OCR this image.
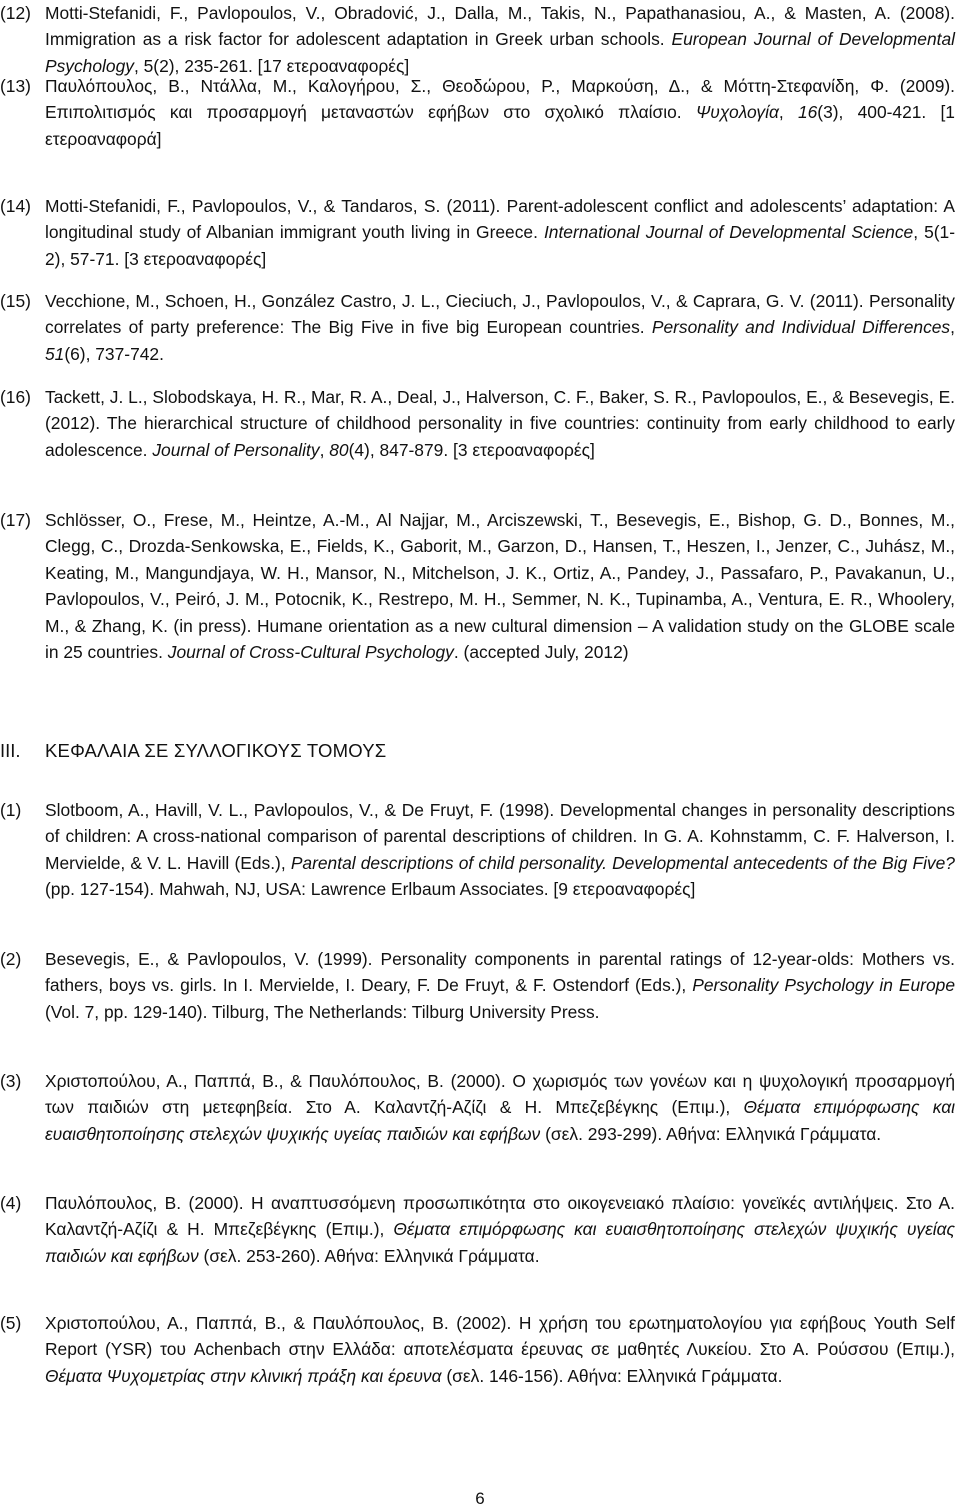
(12) Motti-Stefanidi, F., Pavlopoulos, V., Obradović, J., Dalla, M., Takis, N., Papathanasiou, A., & Masten, A. (2008). Immigration as a risk factor for adolescent adaptation in Greek urban schools. European Journal of Developmental Psychology, 5(2), 235-261. [17 ετεροαναφορές]
(13) Παυλόπουλος, Β., Ντάλλα, Μ., Καλογήρου, Σ., Θεοδώρου, Ρ., Μαρκούση, Δ., & Μόττη-Στεφανίδη, Φ. (2009). Επιπολιτισμός και προσαρμογή μεταναστών εφήβων στο σχολικό πλαίσιο. Ψυχολογία, 16(3), 400-421. [1 ετεροαναφορά]
(14) Motti-Stefanidi, F., Pavlopoulos, V., & Tandaros, S. (2011). Parent-adolescent conflict and adolescents’ adaptation: A longitudinal study of Albanian immigrant youth living in Greece. International Journal of Developmental Science, 5(1-2), 57-71. [3 ετεροαναφορές]
(15) Vecchione, M., Schoen, H., González Castro, J. L., Cieciuch, J., Pavlopoulos, V., & Caprara, G. V. (2011). Personality correlates of party preference: The Big Five in five big European countries. Personality and Individual Differences, 51(6), 737-742.
(16) Tackett, J. L., Slobodskaya, H. R., Mar, R. A., Deal, J., Halverson, C. F., Baker, S. R., Pavlopoulos, E., & Besevegis, E. (2012). The hierarchical structure of childhood personality in five countries: continuity from early childhood to early adolescence. Journal of Personality, 80(4), 847-879. [3 ετεροαναφορές]
(17) Schlösser, O., Frese, M., Heintze, A.-M., Al Najjar, M., Arciszewski, T., Besevegis, E., Bishop, G. D., Bonnes, M., Clegg, C., Drozda-Senkowska, E., Fields, K., Gaborit, M., Garzon, D., Hansen, T., Heszen, I., Jenzer, C., Juhász, M., Keating, M., Mangundjaya, W. H., Mansor, N., Mitchelson, J. K., Ortiz, A., Pandey, J., Passafaro, P., Pavakanun, U., Pavlopoulos, V., Peiró, J. M., Potocnik, K., Restrepo, M. H., Semmer, N. K., Tupinamba, A., Ventura, E. R., Whoolery, M., & Zhang, K. (in press). Humane orientation as a new cultural dimension – A validation study on the GLOBE scale in 25 countries. Journal of Cross-Cultural Psychology. (accepted July, 2012)
III. ΚΕΦΑΛΑΙΑ ΣΕ ΣΥΛΛΟΓΙΚΟΥΣ ΤΟΜΟΥΣ
(1) Slotboom, A., Havill, V. L., Pavlopoulos, V., & De Fruyt, F. (1998). Developmental changes in personality descriptions of children: A cross-national comparison of parental descriptions of children. In G. A. Kohnstamm, C. F. Halverson, I. Mervielde, & V. L. Havill (Eds.), Parental descriptions of child personality. Developmental antecedents of the Big Five? (pp. 127-154). Mahwah, NJ, USA: Lawrence Erlbaum Associates. [9 ετεροαναφορές]
(2) Besevegis, E., & Pavlopoulos, V. (1999). Personality components in parental ratings of 12-year-olds: Mothers vs. fathers, boys vs. girls. In I. Mervielde, I. Deary, F. De Fruyt, & F. Ostendorf (Eds.), Personality Psychology in Europe (Vol. 7, pp. 129-140). Tilburg, The Netherlands: Tilburg University Press.
(3) Χριστοπούλου, Α., Παππά, Β., & Παυλόπουλος, Β. (2000). Ο χωρισμός των γονέων και η ψυχολογική προσαρμογή των παιδιών στη μετεφηβεία. Στο Α. Καλαντζή-Αζίζι & Η. Μπεζεβέγκης (Επιμ.), Θέματα επιμόρφωσης και ευαισθητοποίησης στελεχών ψυχικής υγείας παιδιών και εφήβων (σελ. 293-299). Αθήνα: Ελληνικά Γράμματα.
(4) Παυλόπουλος, Β. (2000). Η αναπτυσσόμενη προσωπικότητα στο οικογενειακό πλαίσιο: γονεϊκές αντιλήψεις. Στο Α. Καλαντζή-Αζίζι & Η. Μπεζεβέγκης (Επιμ.), Θέματα επιμόρφωσης και ευαισθητοποίησης στελεχών ψυχικής υγείας παιδιών και εφήβων (σελ. 253-260). Αθήνα: Ελληνικά Γράμματα.
(5) Χριστοπούλου, Α., Παππά, Β., & Παυλόπουλος, Β. (2002). Η χρήση του ερωτηματολογίου για εφήβους Youth Self Report (YSR) του Achenbach στην Ελλάδα: αποτελέσματα έρευνας σε μαθητές Λυκείου. Στο Α. Ρούσσου (Επιμ.), Θέματα Ψυχομετρίας στην κλινική πράξη και έρευνα (σελ. 146-156). Αθήνα: Ελληνικά Γράμματα.
6
